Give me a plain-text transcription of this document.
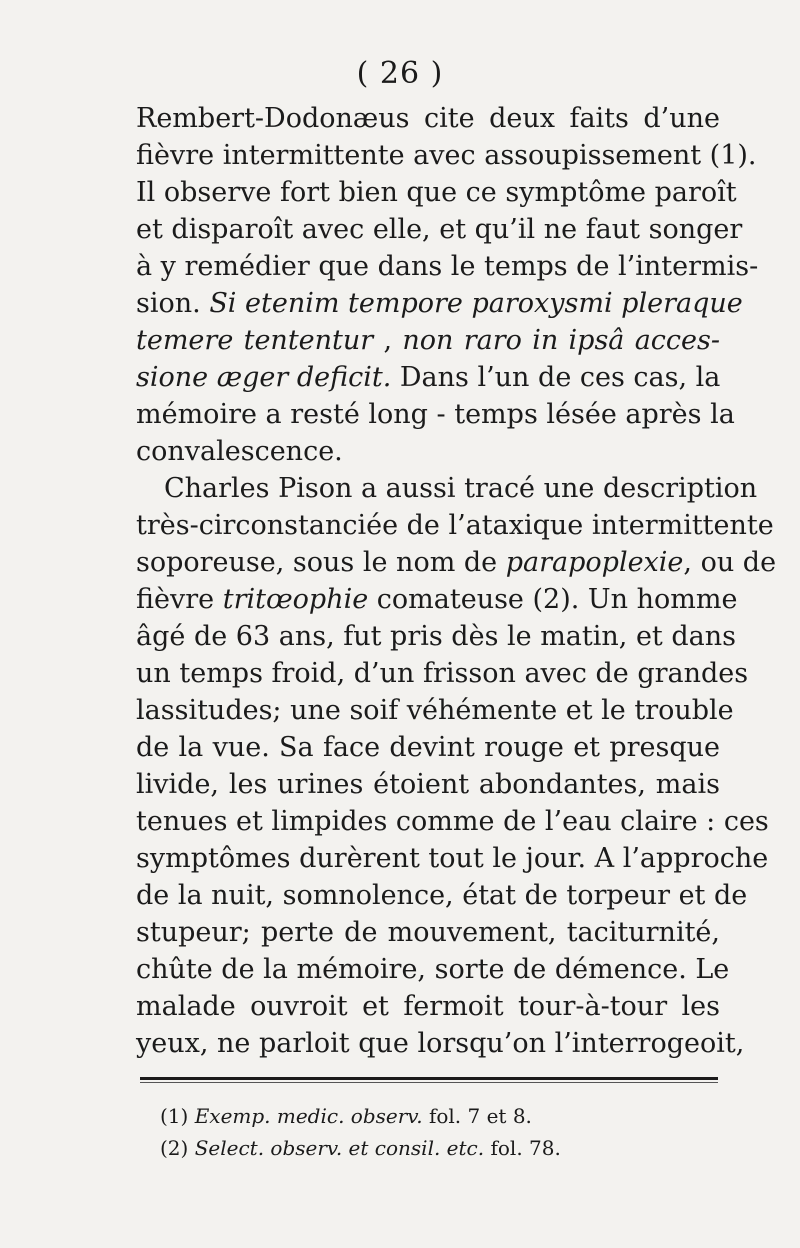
( 26 )
Rembert-Dodonæus cite deux faits d’une
fièvre intermittente avec assoupissement (1).
Il observe fort bien que ce symptôme paroît
et disparoît avec elle, et qu’il ne faut songer
à y remédier que dans le temps de l’intermis-
sion. Si etenim tempore paroxysmi pleraque
temere tententur , non raro in ipsâ acces-
sione æger deficit. Dans l’un de ces cas, la
mémoire a resté long - temps lésée après la
convalescence.
Charles Pison a aussi tracé une description
très-circonstanciée de l’ataxique intermittente
soporeuse, sous le nom de parapoplexie, ou de
fièvre tritœophie comateuse (2). Un homme
âgé de 63 ans, fut pris dès le matin, et dans
un temps froid, d’un frisson avec de grandes
lassitudes; une soif véhémente et le trouble
de la vue. Sa face devint rouge et presque
livide, les urines étoient abondantes, mais
tenues et limpides comme de l’eau claire : ces
symptômes durèrent tout le jour. A l’approche
de la nuit, somnolence, état de torpeur et de
stupeur; perte de mouvement, taciturnité,
chûte de la mémoire, sorte de démence. Le
malade ouvroit et fermoit tour-à-tour les
yeux, ne parloit que lorsqu’on l’interrogeoit,
(1) Exemp. medic. observ. fol. 7 et 8.
(2) Select. observ. et consil. etc. fol. 78.
